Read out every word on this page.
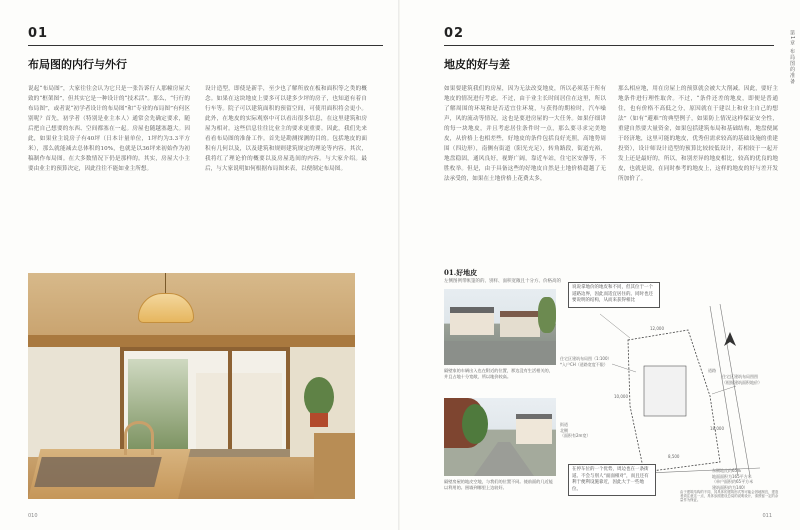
01
布局图的内行与外行
说起“布局图”，大家往往会认为它只是一张告诉行人那幢房屋大致的“框架图”，但其实它是一种设计的“技术活”。那么，“行行的布局图”，或者说“初学者设计的布局图”和“专业的布局图”有何区别呢？首先，初学者（特别是业主本人）通常会先确定要求，随后把自己想要的东西、空间都塞在一起。房屋也随越塞越大。因此，如果业主说房子有40坪（日本计量单位，1坪约为3.3平方米），那么就能减去总体积的10%，也就是以36坪来初始作为初稿制作布局图。在大多数情况下仍是那样的。其实，房屋大小主要由业主的预算决定，因此往往不能如业主所想。
设计造型，即使是新手，至少也了解所放在板和面积等之类的概念。如果在这块地皮上要多可以建多少坪的房子，也知道有着自行车等。院子可以建筑面积的预留空间，可使用面积将会更小。此外，在地皮的实际观察中可以看出很多信息，在这里建筑和房屋为相对。这些信息往往比业主的要求更重要。因此，我们先来看看布局图的准备工作。首先是勘测探测的目的。包括地皮的面积有几何以及，以及建筑和规则建筑规定的理论等内容。其次，我将红了理论价的概要以及房屋选间的内容。与大家介绍。最后，与大家说明如何根据布局图来表，以便制定布局图。
010
02
地皮的好与差
如果要建筑我们的房屋，因为无法改变地皮，所以必须基于所有地皮的情况进行考虑。不过，由于业主长时间居住在这里，所以了解周围的环境和是否适宜住环境，与获得的期检时，汽车噪声，风的流动等情况，这也是要进房屋的一大任务。如果仔细讲的每一块地皮，并且考虑居住条件时一点，那么要寻求完美地皮，从价格上也相差些，好地皮的条件包括良好光照，高地势周围（四边形），南侧有街道（阳光充足），转角路段，街道充裕，地盘稳固，通风良好，视野广阔，靠近车站，住宅区安静等，不胜枚举。但是，由于具备这些的好地皮自然是土地价格超越了无法承受的，如果在土地价格上花费太多，
那么相应地，用在房屋上的预算就会被大大削减。因此，要好主地条件进行理性取舍。不过，“条件还差的地皮，即便是普通住，也有价格不高低之分，原因就在于建以上和业主自己的想法”（如有“避难”的典型例子，如果防上情况这样保证安全性，重建自然要大量资金，如果包括建筑布局和基础结构，地盘便属于经济地，这里可能的地皮，优秀但需求较高的基础设施的重建投资），设计师设计造型的预算比较较低设计，若相较于一起开发上还是最好的，所以，和别差异的地皮相比，较高的优良的地皮，也就是说，在同时参考的地皮上，这样的地皮的好与差开发所加价了。
第1章 布局图的准备
01.好地皮
左侧图例带帐篷的的、别样、面积宽敞且十分方、价格高的
隔壁家的车辆出入也在附近的位置，那边没有生活相关的，并且占地十分宽敞，所以地价较高。
隔壁房屋的地皮空地，与我们的位置不同。使前面的几近能以利用的。围墙到哪里上边较好。
011
说说拿地价的地皮和不同，但其位于一个道路边界，因此而适宜居住的。同时也还要说明的结构，从而来获得相比
住宅区建筑布局图（1:100）
*入户CH（道路宽度不限）
街道
北侧
（面积有2m宽）
住宅区建筑布局图图
（根据建筑面积地价）
道路
12,000
10,000
8,500
18,000
东侧地皮约65%
地面面积为165平方米
（单户面积约65平方米
建筑面积约为140）
由于建筑结构的不同，其具体的建筑形式等可能会因地制宜，建造者须注意这一点，具体参照建设总局的说明设计，请预留一定的余量作为保证。
在停车位的一个优势，周边也在一条街道。不会与别人“面面相对”，而且还有利于便利设施靠近，因此大于一些地位。
